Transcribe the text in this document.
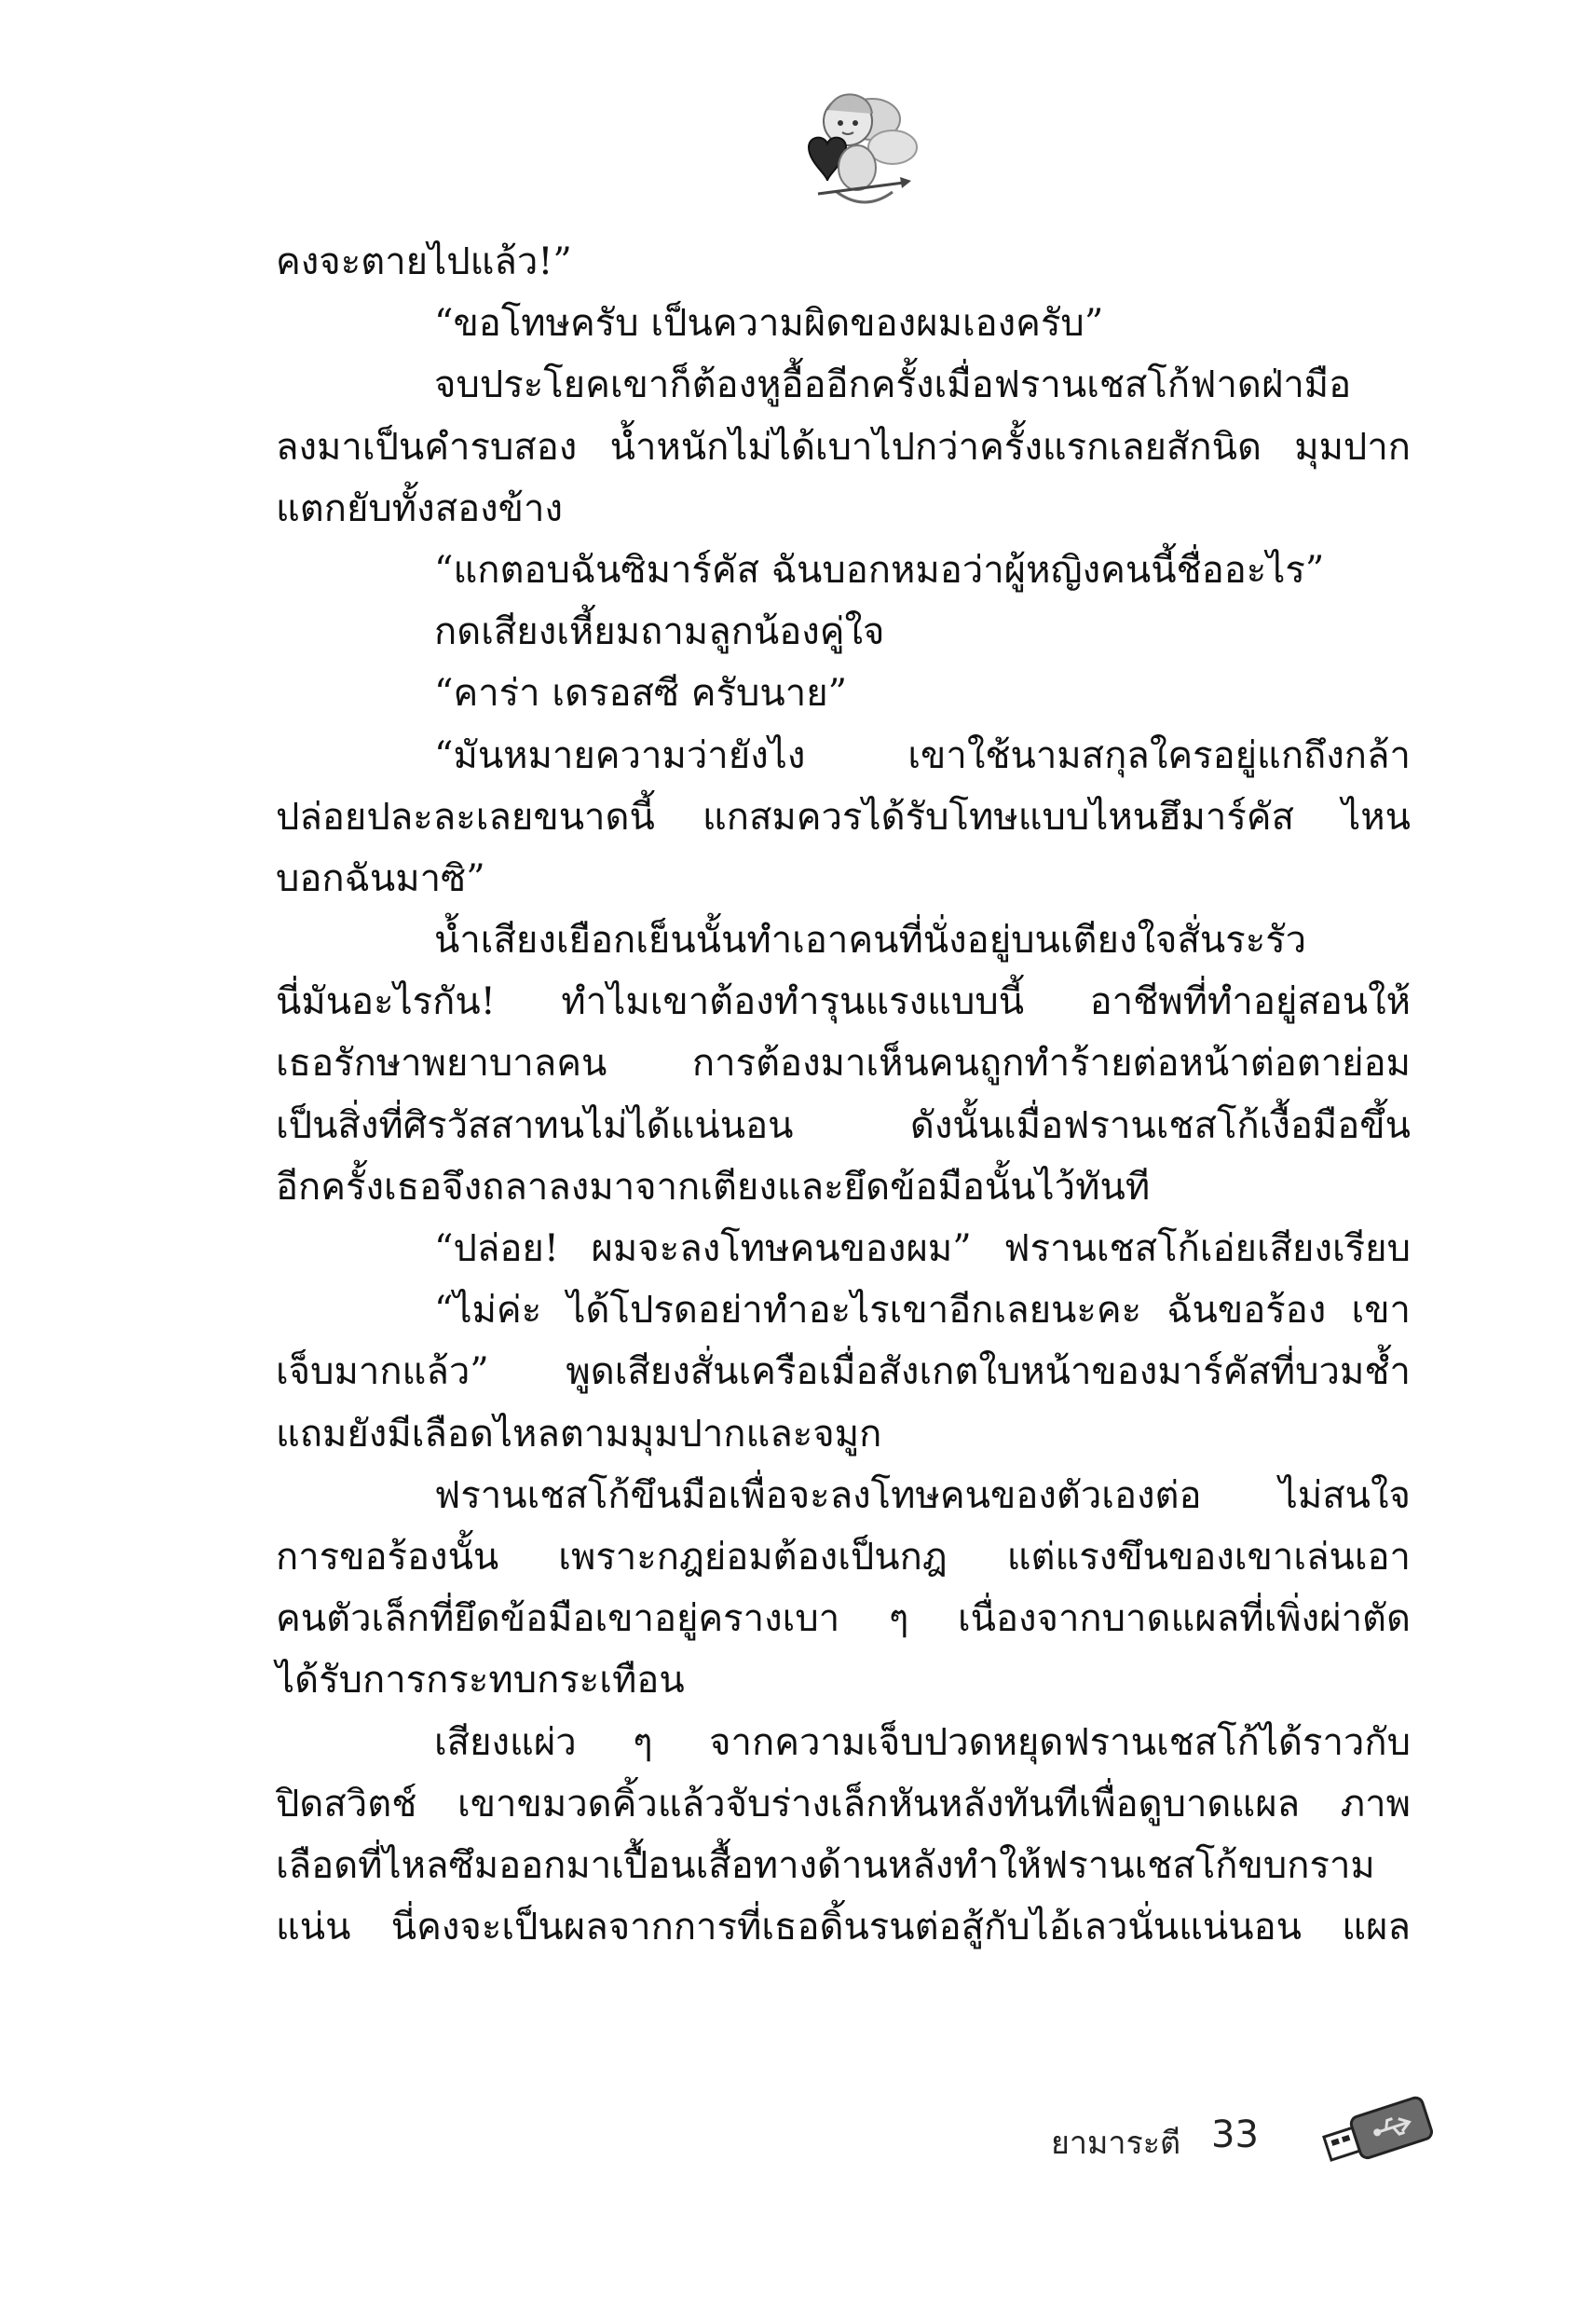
คงจะตายไปแล้ว!”
“ขอโทษครับ เป็นความผิดของผมเองครับ”
จบประโยคเขาก็ต้องหูอื้ออีกครั้งเมื่อฟรานเชสโก้ฟาดฝ่ามือ
ลงมาเป็นคำรบสอง น้ำหนักไม่ได้เบาไปกว่าครั้งแรกเลยสักนิด มุมปาก
แตกยับทั้งสองข้าง
“แกตอบฉันซิมาร์คัส ฉันบอกหมอว่าผู้หญิงคนนี้ชื่ออะไร”
กดเสียงเหี้ยมถามลูกน้องคู่ใจ
“คาร่า เดรอสซี ครับนาย”
“มันหมายความว่ายังไง เขาใช้นามสกุลใครอยู่แกถึงกล้า
ปล่อยปละละเลยขนาดนี้ แกสมควรได้รับโทษแบบไหนฮึมาร์คัส ไหน
บอกฉันมาซิ”
น้ำเสียงเยือกเย็นนั้นทำเอาคนที่นั่งอยู่บนเตียงใจสั่นระรัว
นี่มันอะไรกัน! ทำไมเขาต้องทำรุนแรงแบบนี้ อาชีพที่ทำอยู่สอนให้
เธอรักษาพยาบาลคน การต้องมาเห็นคนถูกทำร้ายต่อหน้าต่อตาย่อม
เป็นสิ่งที่ศิรวัสสาทนไม่ได้แน่นอน ดังนั้นเมื่อฟรานเชสโก้เงื้อมือขึ้น
อีกครั้งเธอจึงถลาลงมาจากเตียงและยึดข้อมือนั้นไว้ทันที
“ปล่อย! ผมจะลงโทษคนของผม” ฟรานเชสโก้เอ่ยเสียงเรียบ
“ไม่ค่ะ ได้โปรดอย่าทำอะไรเขาอีกเลยนะคะ ฉันขอร้อง เขา
เจ็บมากแล้ว” พูดเสียงสั่นเครือเมื่อสังเกตใบหน้าของมาร์คัสที่บวมช้ำ
แถมยังมีเลือดไหลตามมุมปากและจมูก
ฟรานเชสโก้ขึนมือเพื่อจะลงโทษคนของตัวเองต่อ ไม่สนใจ
การขอร้องนั้น เพราะกฎย่อมต้องเป็นกฎ แต่แรงขึนของเขาเล่นเอา
คนตัวเล็กที่ยึดข้อมือเขาอยู่ครางเบา ๆ เนื่องจากบาดแผลที่เพิ่งผ่าตัด
ได้รับการกระทบกระเทือน
เสียงแผ่ว ๆ จากความเจ็บปวดหยุดฟรานเชสโก้ได้ราวกับ
ปิดสวิตช์ เขาขมวดคิ้วแล้วจับร่างเล็กหันหลังทันทีเพื่อดูบาดแผล ภาพ
เลือดที่ไหลซึมออกมาเปื้อนเสื้อทางด้านหลังทำให้ฟรานเชสโก้ขบกราม
แน่น นี่คงจะเป็นผลจากการที่เธอดิ้นรนต่อสู้กับไอ้เลวนั่นแน่นอน แผล
ยามาระตี 33
